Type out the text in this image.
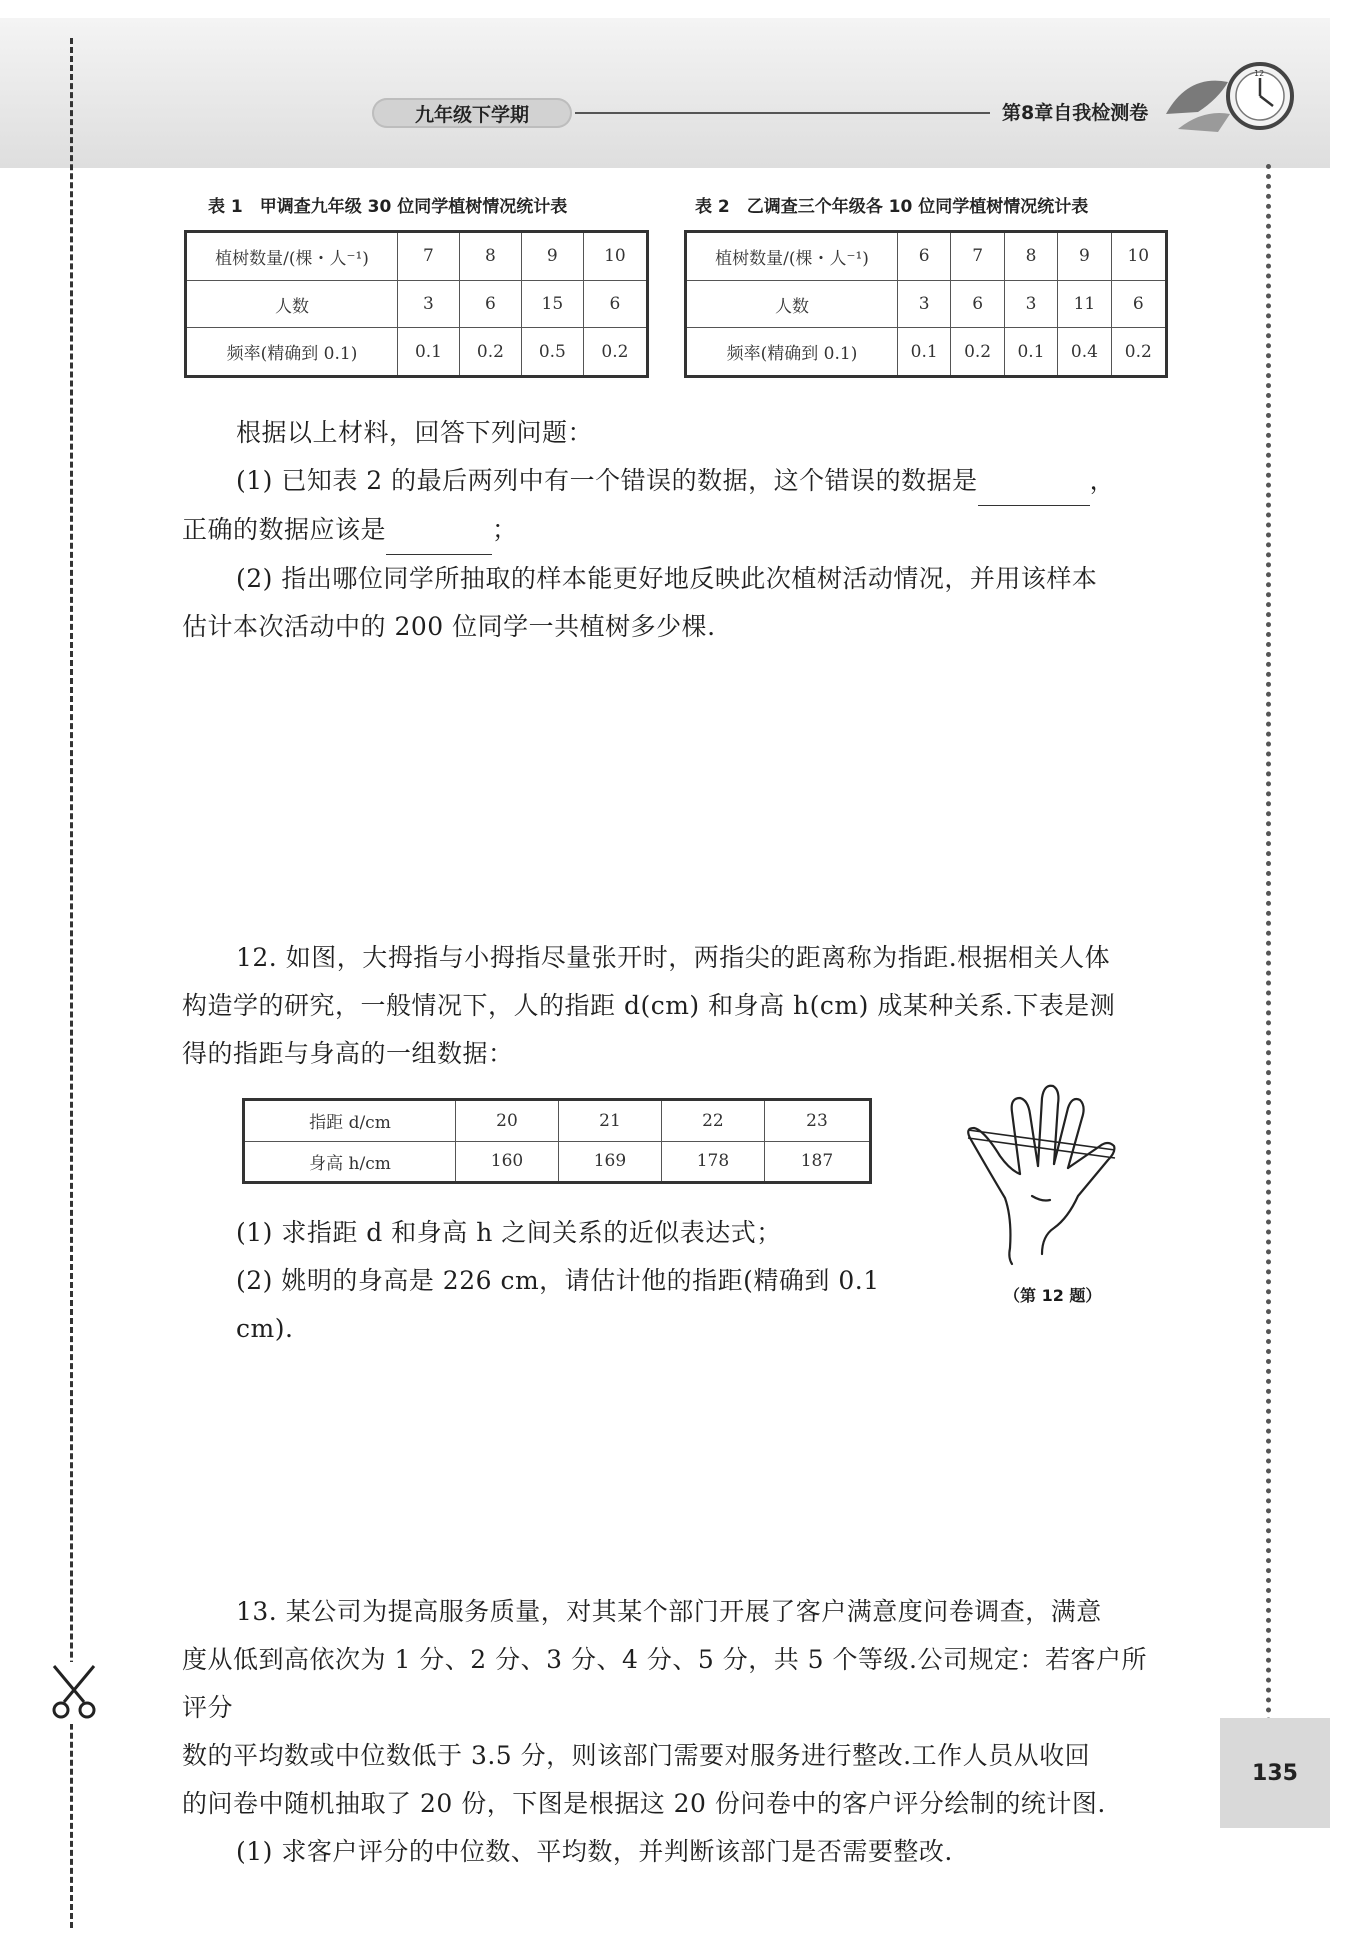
九年级下学期	第8章自我检测卷
12
135
表 1　甲调查九年级 30 位同学植树情况统计表
植树数量/(棵・人⁻¹)	7	8	9	10
人数	3	6	15	6
频率(精确到 0.1)	0.1	0.2	0.5	0.2
表 2　乙调查三个年级各 10 位同学植树情况统计表
植树数量/(棵・人⁻¹)	6	7	8	9	10
人数	3	6	3	11	6
频率(精确到 0.1)	0.1	0.2	0.1	0.4	0.2
根据以上材料，回答下列问题：
(1) 已知表 2 的最后两列中有一个错误的数据，这个错误的数据是	，
正确的数据应该是	；
(2) 指出哪位同学所抽取的样本能更好地反映此次植树活动情况，并用该样本
估计本次活动中的 200 位同学一共植树多少棵.
12. 如图，大拇指与小拇指尽量张开时，两指尖的距离称为指距.根据相关人体
构造学的研究，一般情况下，人的指距 d(cm) 和身高 h(cm) 成某种关系.下表是测
得的指距与身高的一组数据：
指距 d/cm	20	21	22	23
身高 h/cm	160	169	178	187
(1) 求指距 d 和身高 h 之间关系的近似表达式；
(2) 姚明的身高是 226 cm，请估计他的指距(精确到 0.1 cm).
（第 12 题）
13. 某公司为提高服务质量，对其某个部门开展了客户满意度问卷调查，满意
度从低到高依次为 1 分、2 分、3 分、4 分、5 分，共 5 个等级.公司规定：若客户所评分
数的平均数或中位数低于 3.5 分，则该部门需要对服务进行整改.工作人员从收回
的问卷中随机抽取了 20 份，下图是根据这 20 份问卷中的客户评分绘制的统计图.
(1) 求客户评分的中位数、平均数，并判断该部门是否需要整改.
